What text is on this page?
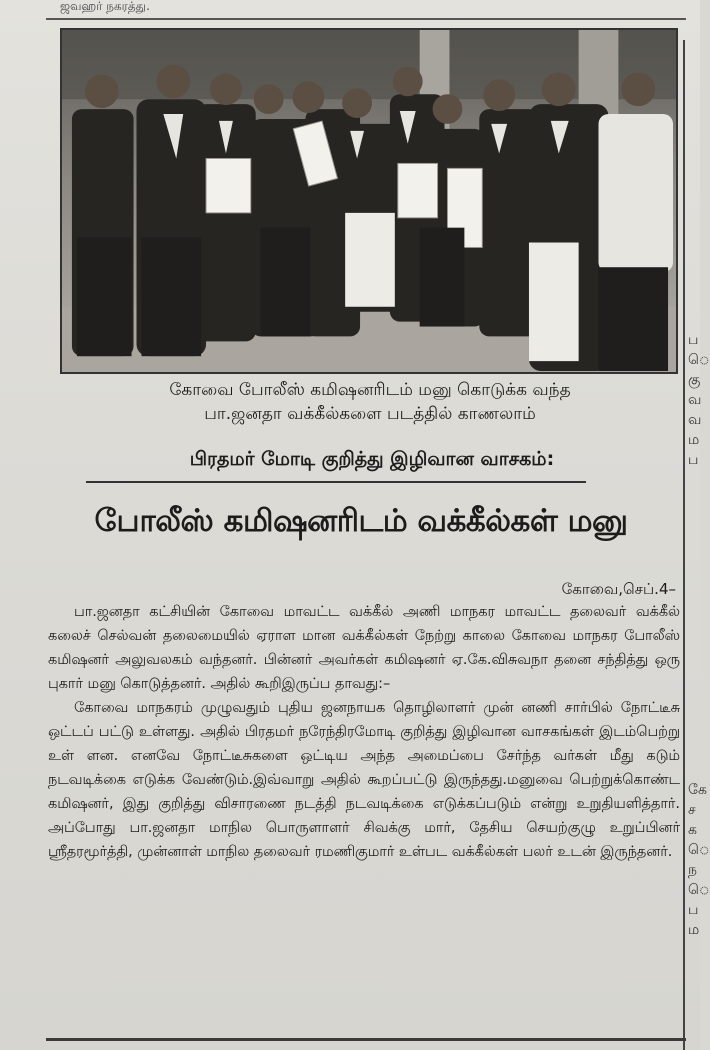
ஜவஹர் நகரத்து.
கோவை போலீஸ் கமிஷனரிடம் மனு கொடுக்க வந்த
பா.ஜனதா வக்கீல்களை படத்தில் காணலாம்
பிரதமர் மோடி குறித்து இழிவான வாசகம்:
போலீஸ் கமிஷனரிடம் வக்கீல்கள் மனு
கோவை,செப்.4–

பா.ஜனதா கட்சியின் கோவை மாவட்ட வக்கீல் அணி மாநகர மாவட்ட தலைவர் வக்கீல் கலைச் செல்வன் தலைமையில் ஏராள மான வக்கீல்கள் நேற்று காலை கோவை மாநகர போலீஸ் கமிஷனர் அலுவலகம் வந்தனர். பின்னர் அவர்கள் கமிஷனர் ஏ.கே.விசுவநா தனை சந்தித்து ஒரு புகார் மனு கொடுத்தனர். அதில் கூறிஇருப்ப தாவது:–

கோவை மாநகரம் முழுவதும் புதிய ஜனநாயக தொழிலாளர் முன் னணி சார்பில் நோட்டீசு ஒட்டப் பட்டு உள்ளது. அதில் பிரதமர் நரேந்திரமோடி குறித்து இழிவான வாசகங்கள் இடம்பெற்று உள் ளன. எனவே நோட்டீசுகளை ஒட்டிய அந்த அமைப்பை சேர்ந்த வர்கள் மீது கடும் நடவடிக்கை எடுக்க வேண்டும்.இவ்வாறு அதில் கூறப்பட்டு இருந்தது.மனுவை பெற்றுக்கொண்ட கமிஷனர், இது குறித்து விசாரணை நடத்தி நடவடிக்கை எடுக்கப்படும் என்று உறுதியளித்தார். அப்போது பா.ஜனதா மாநில பொருளாளர் சிவக்கு மார், தேசிய செயற்குழு உறுப்பினர் ஸ்ரீதரமூர்த்தி, முன்னாள் மாநில தலைவர் ரமணிகுமார் உள்பட வக்கீல்கள் பலர் உடன் இருந்தனர்.

ப
ெ
கு
வ
வ
ம
ப
கே
ச
க
ெ
ந
ெ
ப
ம
